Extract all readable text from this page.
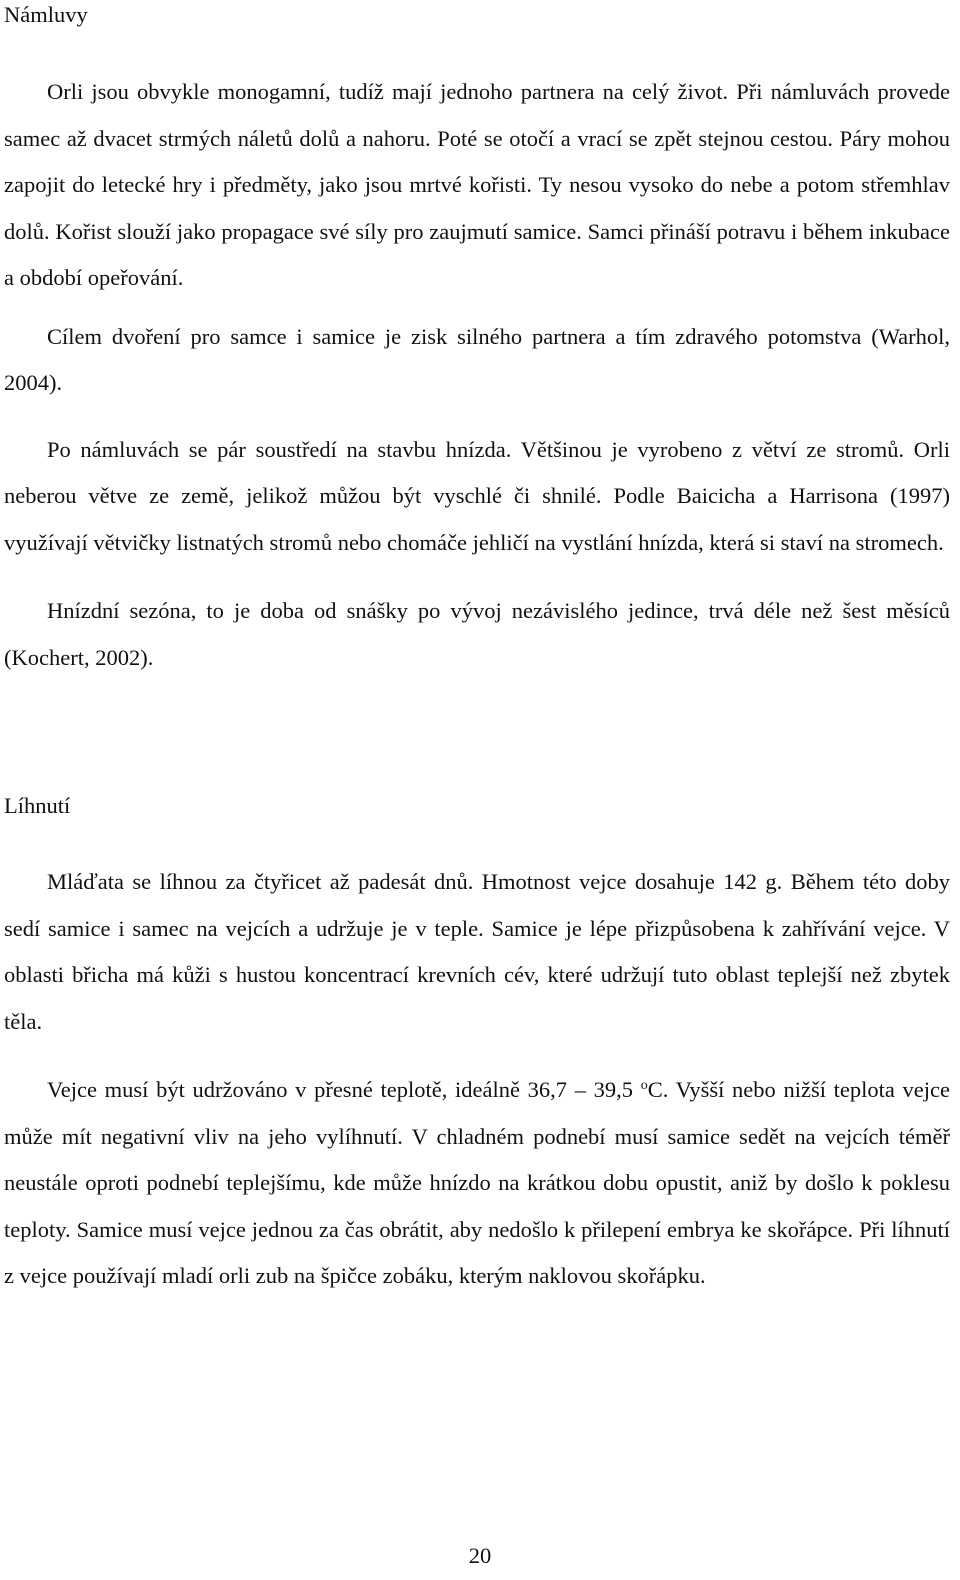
Námluvy

Orli jsou obvykle monogamní, tudíž mají jednoho partnera na celý život. Při námluvách provede samec až dvacet strmých náletů dolů a nahoru. Poté se otočí a vrací se zpět stejnou cestou. Páry mohou zapojit do letecké hry i předměty, jako jsou mrtvé kořisti. Ty nesou vysoko do nebe a potom střemhlav dolů. Kořist slouží jako propagace své síly pro zaujmutí samice. Samci přináší potravu i během inkubace a období opeřování.

Cílem dvoření pro samce i samice je zisk silného partnera a tím zdravého potomstva (Warhol, 2004).

Po námluvách se pár soustředí na stavbu hnízda. Většinou je vyrobeno z větví ze stromů. Orli neberou větve ze země, jelikož můžou být vyschlé či shnilé. Podle Baicicha a Harrisona (1997) využívají větvičky listnatých stromů nebo chomáče jehličí na vystlání hnízda, která si staví na stromech.

Hnízdní sezóna, to je doba od snášky po vývoj nezávislého jedince, trvá déle než šest měsíců (Kochert, 2002).

Líhnutí

Mláďata se líhnou za čtyřicet až padesát dnů. Hmotnost vejce dosahuje 142 g. Během této doby sedí samice i samec na vejcích a udržuje je v teple. Samice je lépe přizpůsobena k zahřívání vejce. V oblasti břicha má kůži s hustou koncentrací krevních cév, které udržují tuto oblast teplejší než zbytek těla.

Vejce musí být udržováno v přesné teplotě, ideálně 36,7 – 39,5 $^o$C. Vyšší nebo nižší teplota vejce může mít negativní vliv na jeho vylíhnutí. V chladném podnebí musí samice sedět na vejcích téměř neustále oproti podnebí teplejšímu, kde může hnízdo na krátkou dobu opustit, aniž by došlo k poklesu teploty. Samice musí vejce jednou za čas obrátit, aby nedošlo k přilepení embrya ke skořápce. Při líhnutí z vejce používají mladí orli zub na špičce zobáku, kterým naklovou skořápku.

20
